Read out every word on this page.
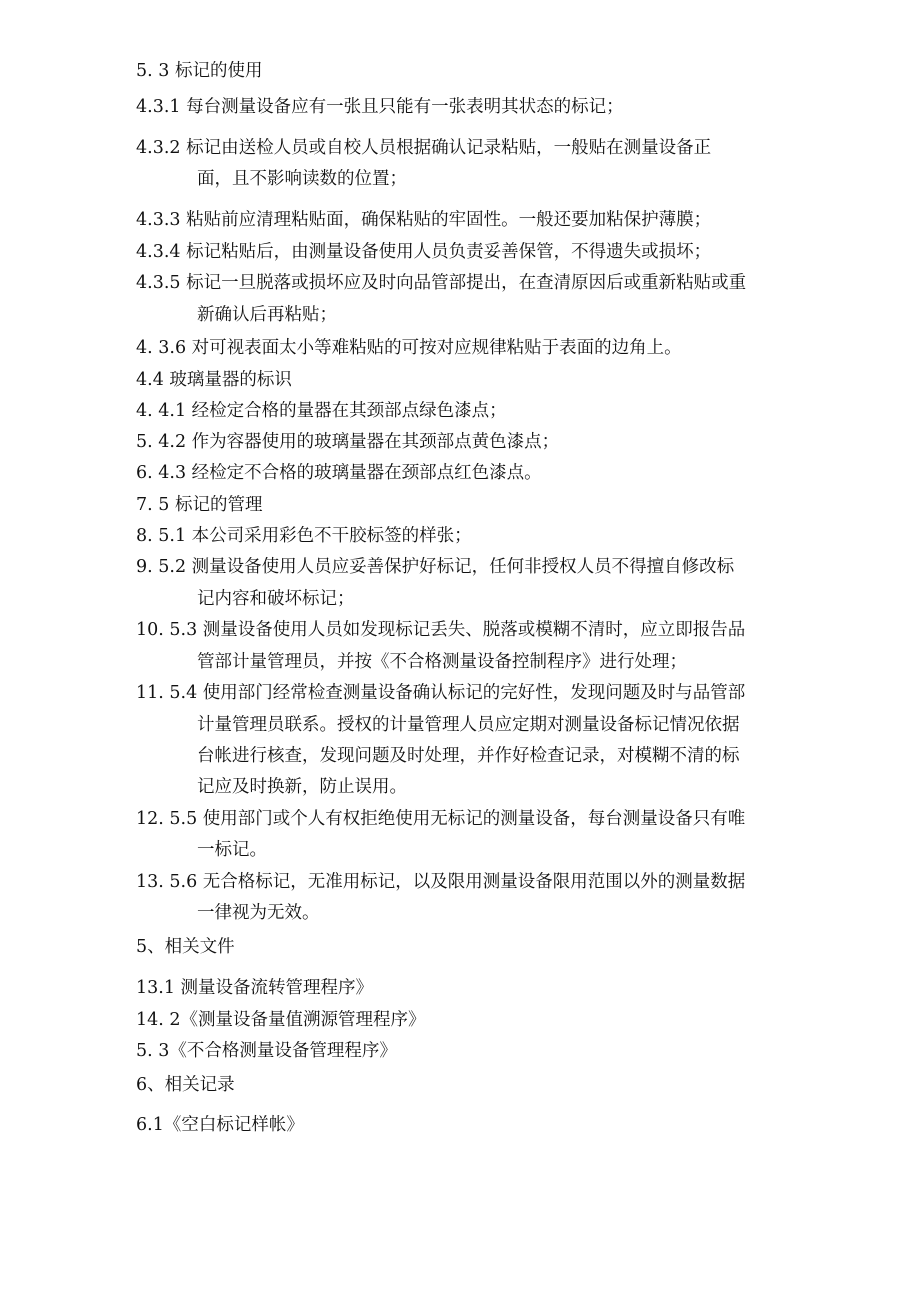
5. 3 标记的使用
4.3.1 每台测量设备应有一张且只能有一张表明其状态的标记；
4.3.2 标记由送检人员或自校人员根据确认记录粘贴，一般贴在测量设备正
面，且不影响读数的位置；
4.3.3 粘贴前应清理粘贴面，确保粘贴的牢固性。一般还要加粘保护薄膜；
4.3.4 标记粘贴后，由测量设备使用人员负责妥善保管，不得遗失或损坏；
4.3.5 标记一旦脱落或损坏应及时向品管部提出，在查清原因后或重新粘贴或重
新确认后再粘贴；
4. 3.6 对可视表面太小等难粘贴的可按对应规律粘贴于表面的边角上。
4.4 玻璃量器的标识
4. 4.1 经检定合格的量器在其颈部点绿色漆点；
5. 4.2 作为容器使用的玻璃量器在其颈部点黄色漆点；
6. 4.3 经检定不合格的玻璃量器在颈部点红色漆点。
7. 5 标记的管理
8. 5.1 本公司采用彩色不干胶标签的样张；
9. 5.2 测量设备使用人员应妥善保护好标记，任何非授权人员不得擅自修改标
记内容和破坏标记；
10. 5.3 测量设备使用人员如发现标记丢失、脱落或模糊不清时，应立即报告品
管部计量管理员，并按《不合格测量设备控制程序》进行处理；
11. 5.4 使用部门经常检查测量设备确认标记的完好性，发现问题及时与品管部
计量管理员联系。授权的计量管理人员应定期对测量设备标记情况依据
台帐进行核查，发现问题及时处理，并作好检查记录，对模糊不清的标
记应及时换新，防止误用。
12. 5.5 使用部门或个人有权拒绝使用无标记的测量设备，每台测量设备只有唯
一标记。
13. 5.6 无合格标记，无准用标记，以及限用测量设备限用范围以外的测量数据
一律视为无效。
5、相关文件
13.1 测量设备流转管理程序》
14. 2《测量设备量值溯源管理程序》
5. 3《不合格测量设备管理程序》
6、相关记录
6.1《空白标记样帐》
